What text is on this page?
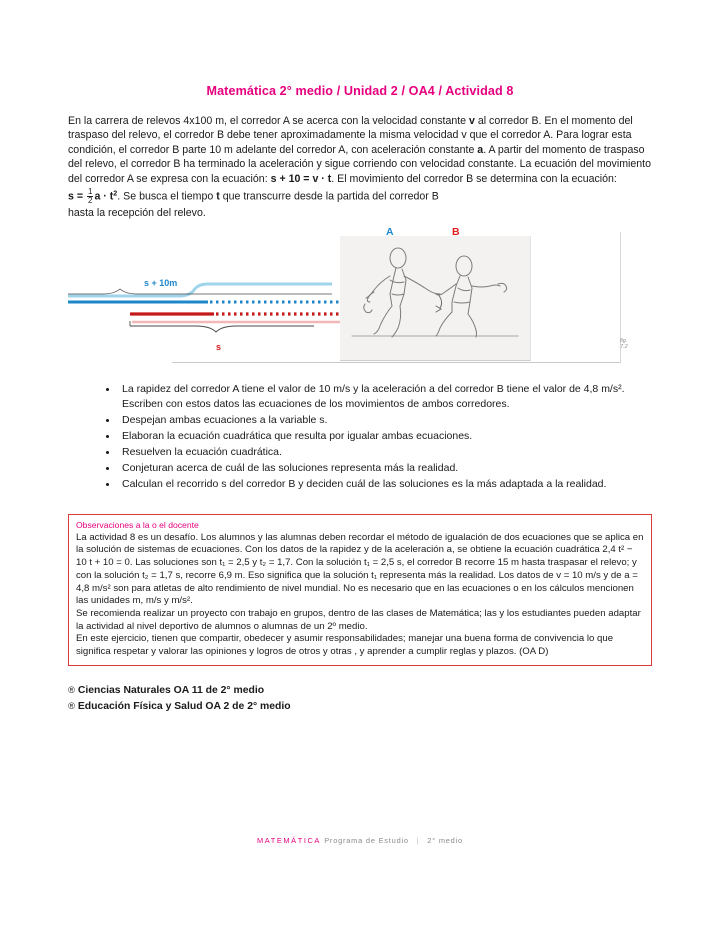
Matemática 2° medio / Unidad 2 / OA4 / Actividad 8

En la carrera de relevos 4x100 m, el corredor A se acerca con la velocidad constante v al corredor B. En el momento del traspaso del relevo, el corredor B debe tener aproximadamente la misma velocidad v que el corredor A. Para lograr esta condición, el corredor B parte 10 m adelante del corredor A, con aceleración constante a. A partir del momento de traspaso del relevo, el corredor B ha terminado la aceleración y sigue corriendo con velocidad constante. La ecuación del movimiento del corredor A se expresa con la ecuación: s + 10 = v · t. El movimiento del corredor B se determina con la ecuación: $s = \frac{1}{2}$ $a \cdot t^2$. Se busca el tiempo t que transcurre desde la partida del corredor B

hasta la recepción del relevo.

fig. 7.2
A	B
s + 10m
s
• La rapidez del corredor A tiene el valor de 10 m/s y la aceleración a del corredor B tiene el valor de 4,8 m/s². Escriben con estos datos las ecuaciones de los movimientos de ambos corredores.
• Despejan ambas ecuaciones a la variable s.
• Elaboran la ecuación cuadrática que resulta por igualar ambas ecuaciones.
• Resuelven la ecuación cuadrática.
• Conjeturan acerca de cuál de las soluciones representa más la realidad.
• Calculan el recorrido s del corredor B y deciden cuál de las soluciones es la más adaptada a la realidad.
Observaciones a la o el docente

La actividad 8 es un desafío. Los alumnos y las alumnas deben recordar el método de igualación de dos ecuaciones que se aplica en la solución de sistemas de ecuaciones. Con los datos de la rapidez y de la aceleración a, se obtiene la ecuación cuadrática 2,4 t² − 10 t + 10 = 0. Las soluciones son t₁ = 2,5 y t₂ = 1,7. Con la solución t₁ = 2,5 s, el corredor B recorre 15 m hasta traspasar el relevo; y con la solución t₂ = 1,7 s, recorre 6,9 m. Eso significa que la solución t₁ representa más la realidad. Los datos de v = 10 m/s y de a = 4,8 m/s² son para atletas de alto rendimiento de nivel mundial. No es necesario que en las ecuaciones o en los cálculos mencionen las unidades m, m/s y m/s².

Se recomienda realizar un proyecto con trabajo en grupos, dentro de las clases de Matemática; las y los estudiantes pueden adaptar la actividad al nivel deportivo de alumnos o alumnas de un 2º medio.

En este ejercicio, tienen que compartir, obedecer y asumir responsabilidades; manejar una buena forma de convivencia lo que significa respetar y valorar las opiniones y logros de otros y otras , y aprender a cumplir reglas y plazos. (OA D)

® Ciencias Naturales OA 11 de 2° medio
® Educación Física y Salud OA 2 de 2° medio
MATEMÁTICA Programa de Estudio | 2° medio
